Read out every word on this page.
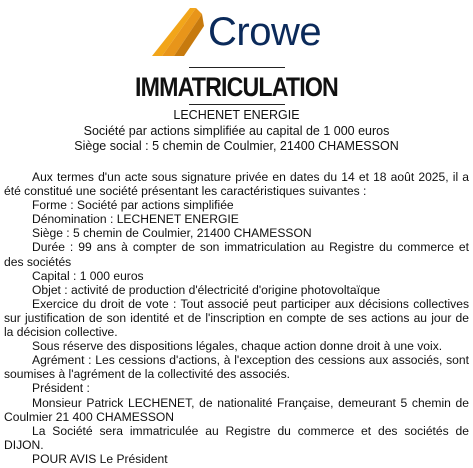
Crowe
IMMATRICULATION
LECHENET ENERGIE
Société par actions simplifiée au capital de 1 000 euros
Siège social : 5 chemin de Coulmier, 21400 CHAMESSON

Aux termes d'un acte sous signature privée en dates du 14 et 18 août 2025, il a été constitué une société présentant les caractéristiques suivantes :

Forme : Société par actions simplifiée

Dénomination : LECHENET ENERGIE

Siège : 5 chemin de Coulmier, 21400 CHAMESSON

Durée : 99 ans à compter de son immatriculation au Registre du commerce et des sociétés

Capital : 1 000 euros

Objet : activité de production d'électricité d'origine photovoltaïque

Exercice du droit de vote : Tout associé peut participer aux décisions collectives sur justification de son identité et de l'inscription en compte de ses actions au jour de la décision collective.

Sous réserve des dispositions légales, chaque action donne droit à une voix.

Agrément : Les cessions d'actions, à l'exception des cessions aux associés, sont soumises à l'agrément de la collectivité des associés.

Président :

Monsieur Patrick LECHENET, de nationalité Française, demeurant 5 chemin de Coulmier 21 400 CHAMESSON

La Société sera immatriculée au Registre du commerce et des sociétés de DIJON.

POUR AVIS Le Président
